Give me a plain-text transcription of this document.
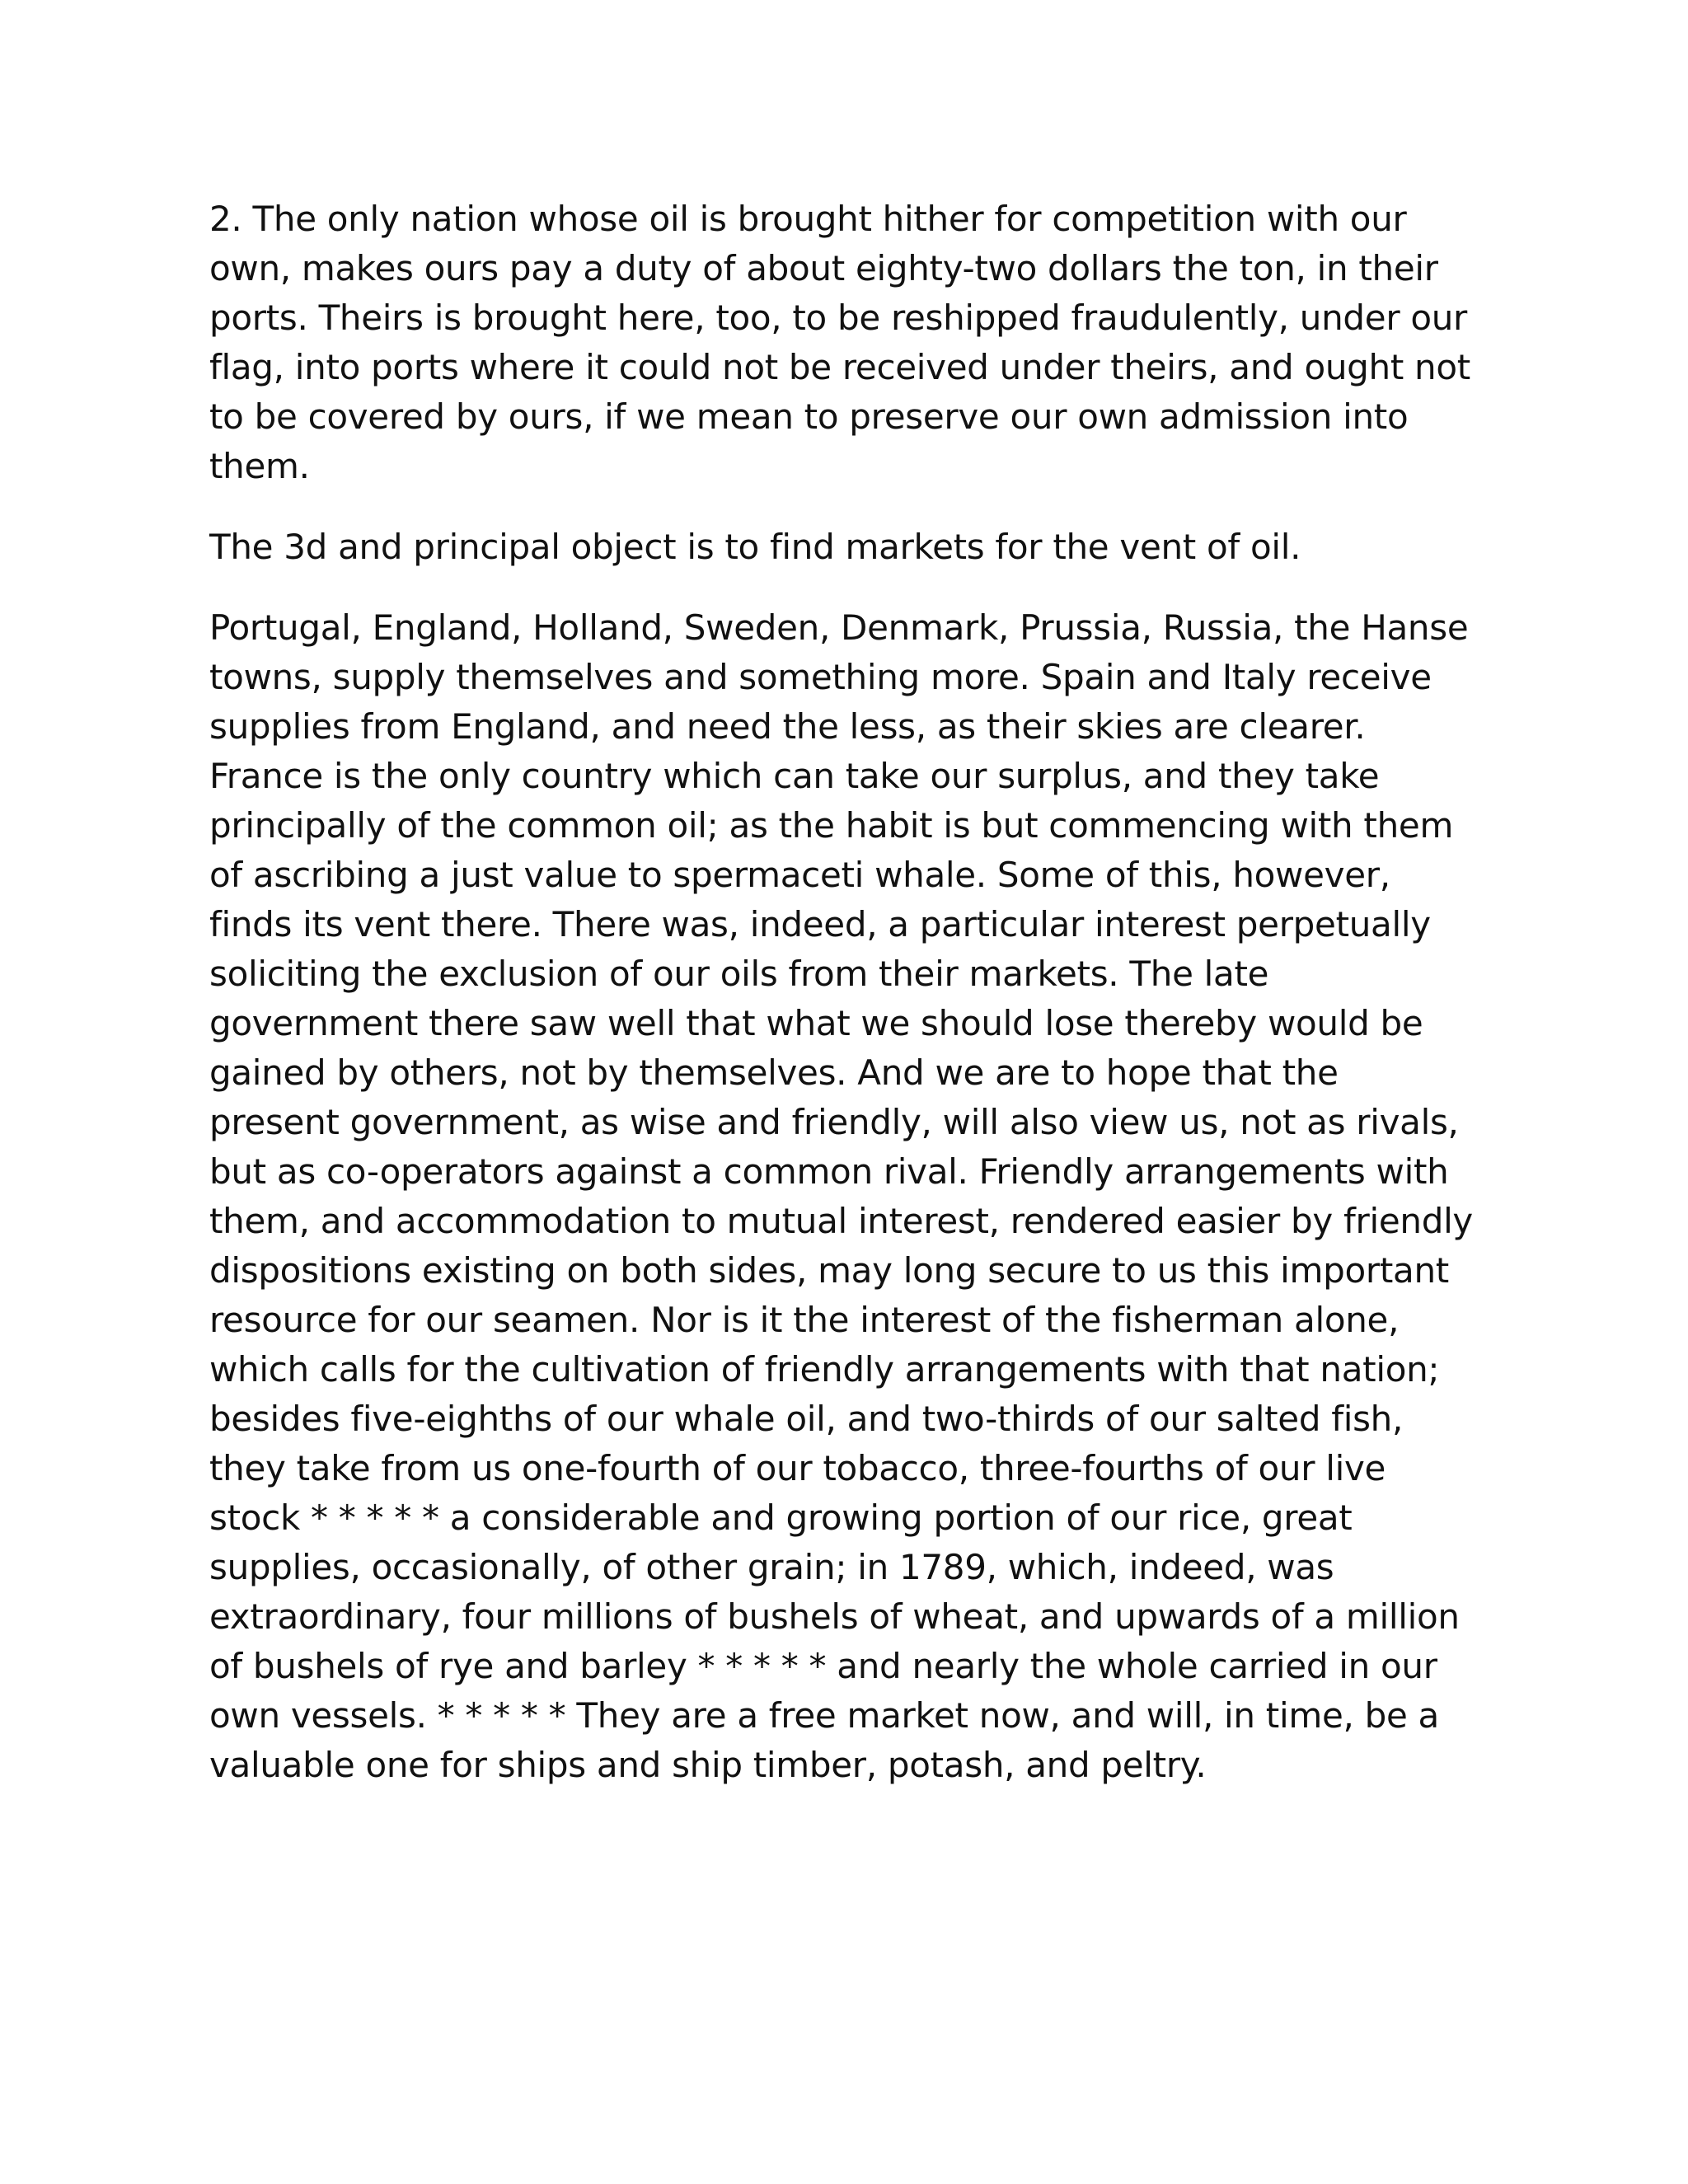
2. The only nation whose oil is brought hither for competition with our own, makes ours pay a duty of about eighty-two dollars the ton, in their ports. Theirs is brought here, too, to be reshipped fraudulently, under our flag, into ports where it could not be received under theirs, and ought not to be covered by ours, if we mean to preserve our own admission into them.

The 3d and principal object is to find markets for the vent of oil.

Portugal, England, Holland, Sweden, Denmark, Prussia, Russia, the Hanse towns, supply themselves and something more. Spain and Italy receive supplies from England, and need the less, as their skies are clearer. France is the only country which can take our surplus, and they take principally of the common oil; as the habit is but commencing with them of ascribing a just value to spermaceti whale. Some of this, however, finds its vent there. There was, indeed, a particular interest perpetually soliciting the exclusion of our oils from their markets. The late government there saw well that what we should lose thereby would be gained by others, not by themselves. And we are to hope that the present government, as wise and friendly, will also view us, not as rivals, but as co-operators against a common rival. Friendly arrangements with them, and accommodation to mutual interest, rendered easier by friendly dispositions existing on both sides, may long secure to us this important resource for our seamen. Nor is it the interest of the fisherman alone, which calls for the cultivation of friendly arrangements with that nation; besides five-eighths of our whale oil, and two-thirds of our salted fish, they take from us one-fourth of our tobacco, three-fourths of our live stock * * * * * a considerable and growing portion of our rice, great supplies, occasionally, of other grain; in 1789, which, indeed, was extraordinary, four millions of bushels of wheat, and upwards of a million of bushels of rye and barley * * * * * and nearly the whole carried in our own vessels. * * * * * They are a free market now, and will, in time, be a valuable one for ships and ship timber, potash, and peltry.
